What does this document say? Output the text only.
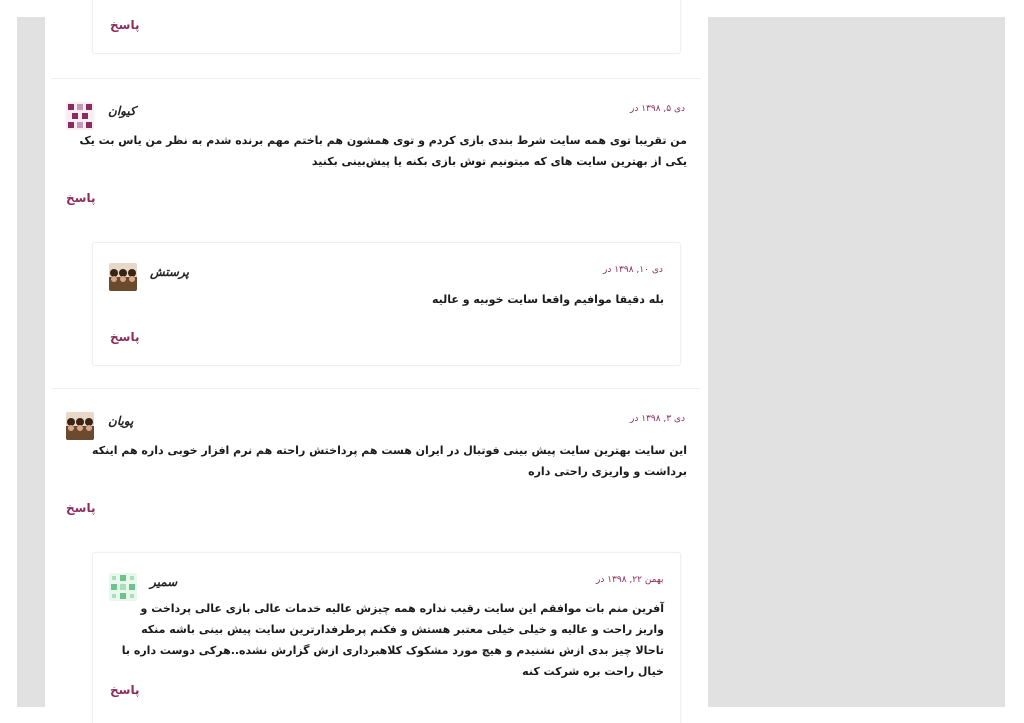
پاسخ
کیوان	دی ۵, ۱۳۹۸ در
من تقریبا توی همه سایت شرط بندی بازی کردم و توی همشون هم باختم مهم برنده شدم به نظر من یاس بت یک یکی از بهترین سایت های که میتونیم توش بازی بکنه یا پیش‌بینی بکنید
پاسخ
پرستش	دی ۱۰, ۱۳۹۸ در
بله دقیقا موافیم واقعا سایت خوبیه و عالیه
پاسخ
پویان	دی ۳, ۱۳۹۸ در
این سایت بهترین سایت پیش بینی فوتبال در ایران هست هم پرداختش راحته هم نرم افزار خوبی داره هم اینکه برداشت و واریزی راحتی داره
پاسخ
سمیر	بهمن ۲۲, ۱۳۹۸ در
آفرین منم بات موافقم این سایت رقیب نداره همه چیزش عالیه خدمات عالی بازی عالی پرداخت و واریز راحت و عالیه و خیلی خیلی معتبر هستش و فکنم پرطرفدارترین سایت پیش بینی باشه منکه تاحالا چیز بدی ازش نشنیدم و هیچ مورد مشکوک کلاهبرداری ازش گزارش نشده..هرکی دوست داره با خیال راحت بره شرکت کنه
پاسخ
